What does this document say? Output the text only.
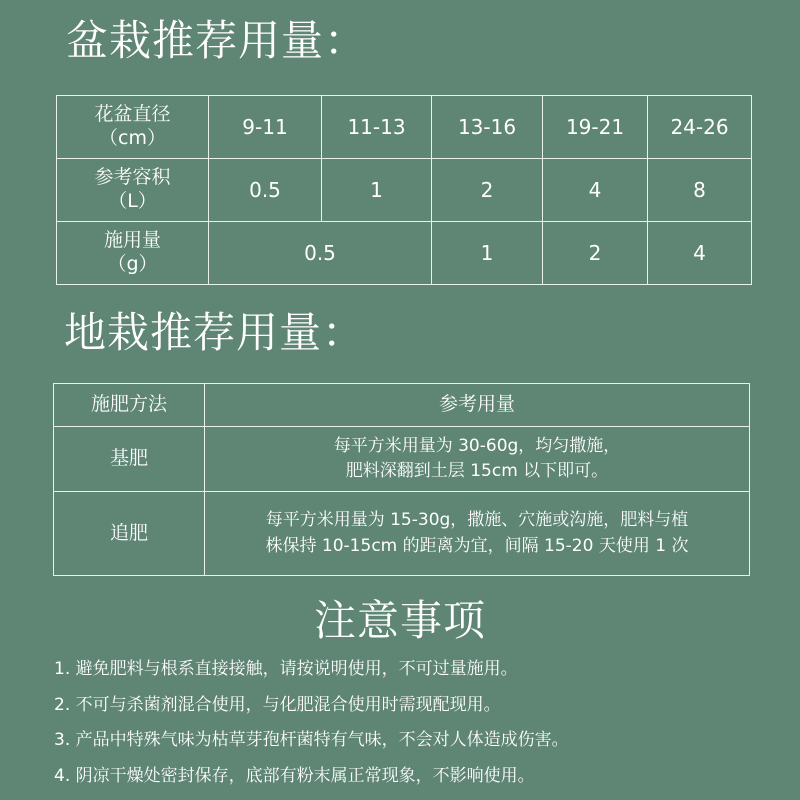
盆栽推荐用量：
花盆直径
（cm）	9-11	11-13	13-16	19-21	24-26

参考容积
（L）	0.5	1	2	4	8

施用量
（g）	0.5		1	2	4
地栽推荐用量：
施肥方法	参考用量
基肥	每平方米用量为 30-60g，均匀撒施，
肥料深翻到土层 15cm 以下即可。

追肥	每平方米用量为 15-30g，撒施、穴施或沟施，肥料与植
株保持 10-15cm 的距离为宜，间隔 15-20 天使用 1 次
注意事项
1. 避免肥料与根系直接接触，请按说明使用，不可过量施用。
2. 不可与杀菌剂混合使用，与化肥混合使用时需现配现用。
3. 产品中特殊气味为枯草芽孢杆菌特有气味，不会对人体造成伤害。
4. 阴凉干燥处密封保存，底部有粉末属正常现象，不影响使用。
